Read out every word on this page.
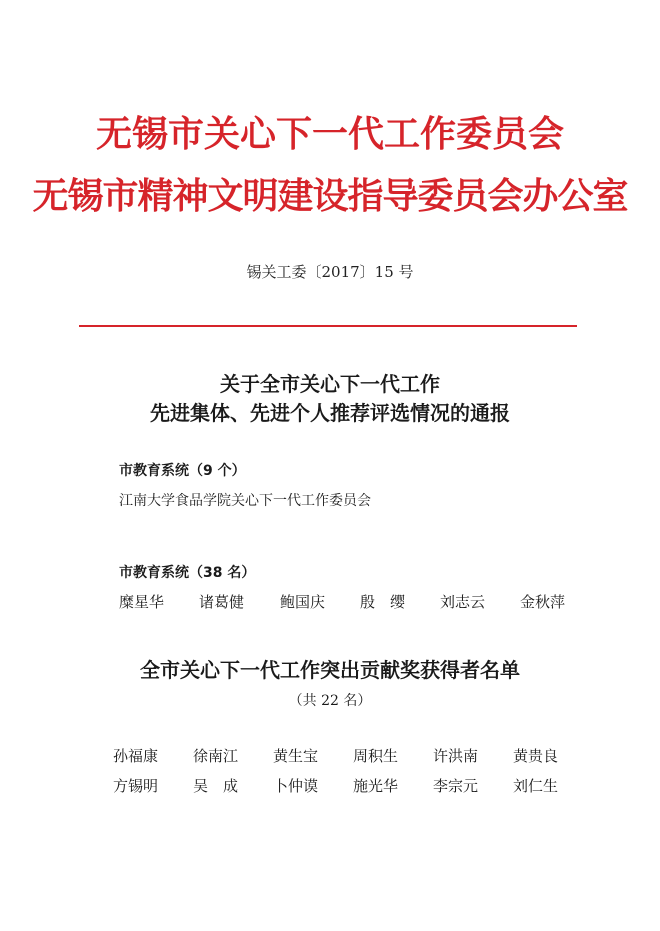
无锡市关心下一代工作委员会
无锡市精神文明建设指导委员会办公室
锡关工委〔2017〕15 号
关于全市关心下一代工作
先进集体、先进个人推荐评选情况的通报
市教育系统（9 个）
江南大学食品学院关心下一代工作委员会
市教育系统（38 名）
糜星华 诸葛健 鲍国庆 殷　缨 刘志云 金秋萍
全市关心下一代工作突出贡献奖获得者名单
（共 22 名）
孙福康 徐南江 黄生宝 周积生 许洪南 黄贵良
方锡明 吴　成 卜仲谟 施光华 李宗元 刘仁生
